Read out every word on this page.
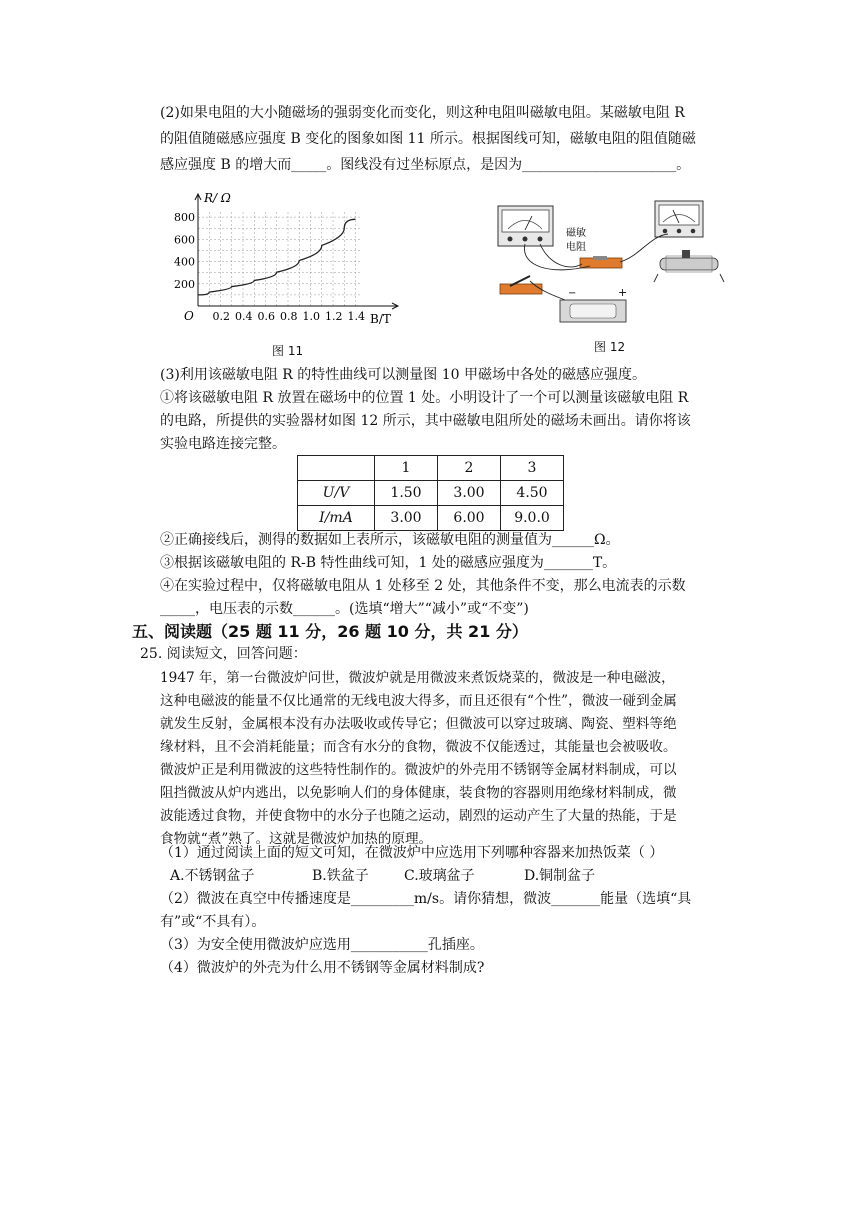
(2)如果电阻的大小随磁场的强弱变化而变化，则这种电阻叫磁敏电阻。某磁敏电阻 R
的阻值随磁感应强度 B 变化的图象如图 11 所示。根据图线可知，磁敏电阻的阻值随磁
感应强度 B 的增大而_____。图线没有过坐标原点，是因为______________________。
0.2 0.4 0.6 0.8 1.0 1.2 1.4
200
400
600
800
R/ Ω
B/T
O
图 11
磁敏
电阻
−	+
图 12
(3)利用该磁敏电阻 R 的特性曲线可以测量图 10 甲磁场中各处的磁感应强度。
①将该磁敏电阻 R 放置在磁场中的位置 1 处。小明设计了一个可以测量该磁敏电阻 R
的电路，所提供的实验器材如图 12 所示，其中磁敏电阻所处的磁场未画出。请你将该
实验电路连接完整。
	1	2	3
U/V	1.50	3.00	4.50
I/mA	3.00	6.00	9.0.0
②正确接线后，测得的数据如上表所示，该磁敏电阻的测量值为______Ω。
③根据该磁敏电阻的 R-B 特性曲线可知，1 处的磁感应强度为_______T。
④在实验过程中，仅将磁敏电阻从 1 处移至 2 处，其他条件不变，那么电流表的示数
_____，电压表的示数______。(选填“增大”“减小”或“不变”)
五、阅读题（25 题 11 分，26 题 10 分，共 21 分）
25. 阅读短文，回答问题：
1947 年，第一台微波炉问世，微波炉就是用微波来煮饭烧菜的，微波是一种电磁波，
这种电磁波的能量不仅比通常的无线电波大得多，而且还很有“个性”，微波一碰到金属
就发生反射，金属根本没有办法吸收或传导它；但微波可以穿过玻璃、陶瓷、塑料等绝
缘材料，且不会消耗能量；而含有水分的食物，微波不仅能透过，其能量也会被吸收。
微波炉正是利用微波的这些特性制作的。微波炉的外壳用不锈钢等金属材料制成，可以
阻挡微波从炉内逃出，以免影响人们的身体健康，装食物的容器则用绝缘材料制成，微
波能透过食物，并使食物中的水分子也随之运动，剧烈的运动产生了大量的热能，于是
食物就“煮”熟了。这就是微波炉加热的原理。
（1）通过阅读上面的短文可知，在微波炉中应选用下列哪种容器来加热饭菜（ ）
A.不锈钢盆子	B.铁盆子	C.玻璃盆子	D.铜制盆子
（2）微波在真空中传播速度是_________m/s。请你猜想，微波_______能量（选填“具
有”或“不具有）。
（3）为安全使用微波炉应选用___________孔插座。
（4）微波炉的外壳为什么用不锈钢等金属材料制成?
